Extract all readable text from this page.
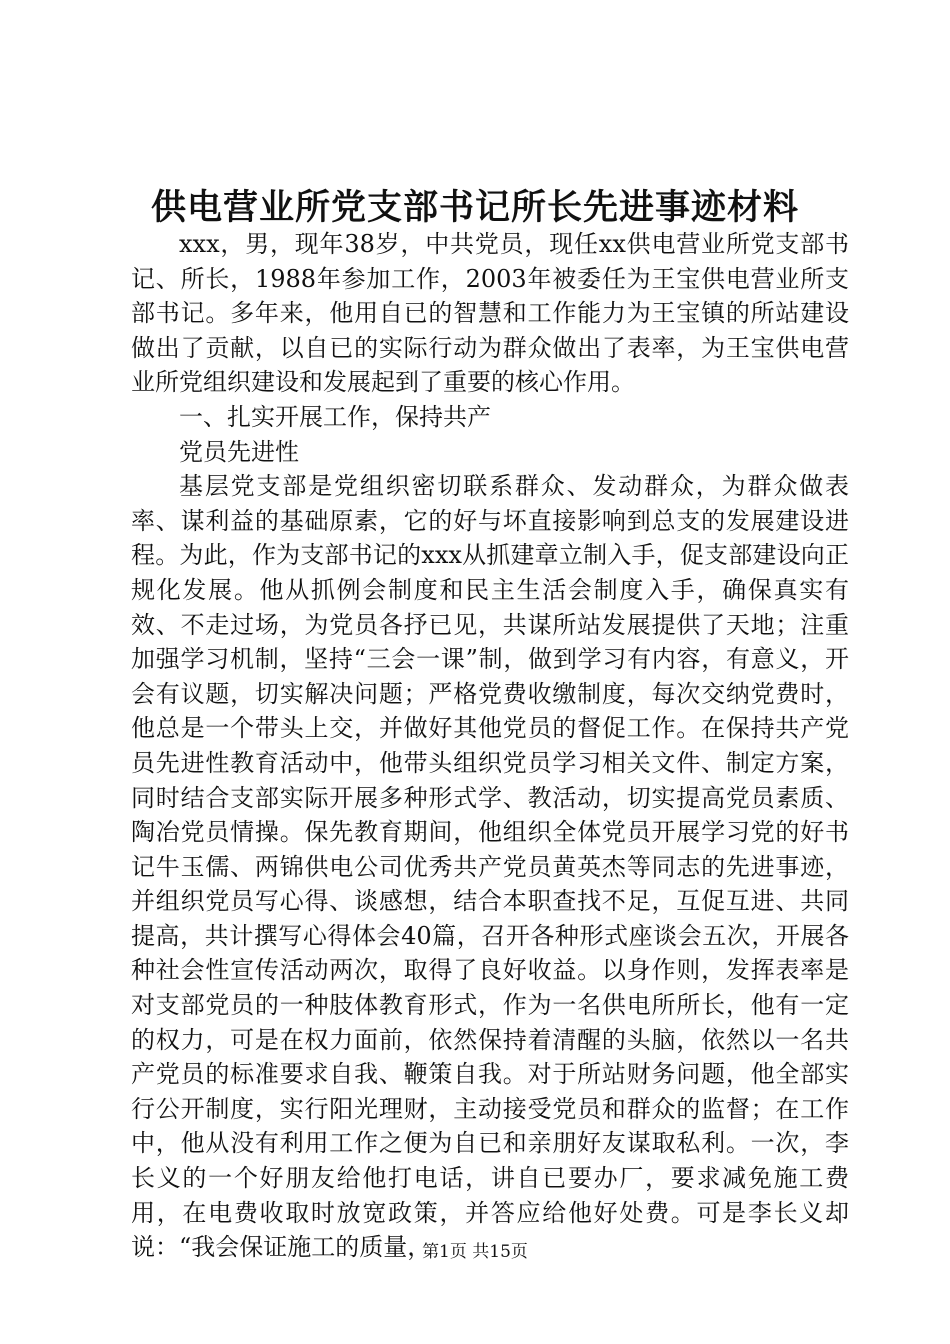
供电营业所党支部书记所长先进事迹材料

xxx，男，现年38岁，中共党员，现任xx供电营业所党支部书记、所长，1988年参加工作，2003年被委任为王宝供电营业所支部书记。多年来，他用自已的智慧和工作能力为王宝镇的所站建设做出了贡献，以自已的实际行动为群众做出了表率，为王宝供电营业所党组织建设和发展起到了重要的核心作用。

一、扎实开展工作，保持共产

党员先进性

基层党支部是党组织密切联系群众、发动群众，为群众做表率、谋利益的基础原素，它的好与坏直接影响到总支的发展建设进程。为此，作为支部书记的xxx从抓建章立制入手，促支部建设向正规化发展。他从抓例会制度和民主生活会制度入手，确保真实有效、不走过场，为党员各抒已见，共谋所站发展提供了天地；注重加强学习机制，坚持“三会一课”制，做到学习有内容，有意义，开会有议题，切实解决问题；严格党费收缴制度，每次交纳党费时，他总是一个带头上交，并做好其他党员的督促工作。在保持共产党员先进性教育活动中，他带头组织党员学习相关文件、制定方案，同时结合支部实际开展多种形式学、教活动，切实提高党员素质、陶冶党员情操。保先教育期间，他组织全体党员开展学习党的好书记牛玉儒、两锦供电公司优秀共产党员黄英杰等同志的先进事迹，并组织党员写心得、谈感想，结合本职查找不足，互促互进、共同提高，共计撰写心得体会40篇，召开各种形式座谈会五次，开展各种社会性宣传活动两次，取得了良好收益。以身作则，发挥表率是对支部党员的一种肢体教育形式，作为一名供电所所长，他有一定的权力，可是在权力面前，依然保持着清醒的头脑，依然以一名共产党员的标准要求自我、鞭策自我。对于所站财务问题，他全部实行公开制度，实行阳光理财，主动接受党员和群众的监督；在工作中，他从没有利用工作之便为自已和亲朋好友谋取私利。一次，李长义的一个好朋友给他打电话，讲自已要办厂，要求减免施工费用，在电费收取时放宽政策，并答应给他好处费。可是李长义却说：“我会保证施工的质量，

第1页 共15页
